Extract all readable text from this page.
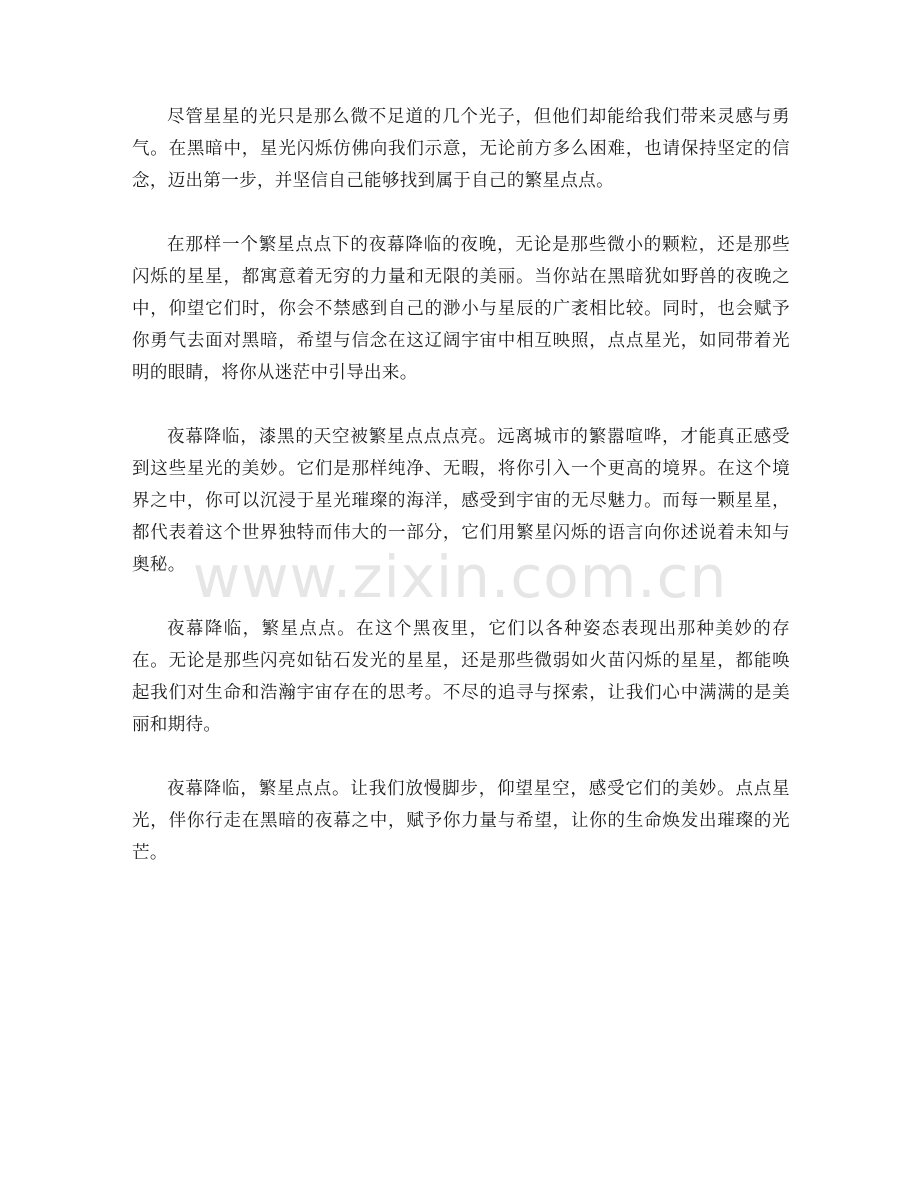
尽管星星的光只是那么微不足道的几个光子，但他们却能给我们带来灵感与勇气。在黑暗中，星光闪烁仿佛向我们示意，无论前方多么困难，也请保持坚定的信念，迈出第一步，并坚信自己能够找到属于自己的繁星点点。

在那样一个繁星点点下的夜幕降临的夜晚，无论是那些微小的颗粒，还是那些闪烁的星星，都寓意着无穷的力量和无限的美丽。当你站在黑暗犹如野兽的夜晚之中，仰望它们时，你会不禁感到自己的渺小与星辰的广袤相比较。同时，也会赋予你勇气去面对黑暗，希望与信念在这辽阔宇宙中相互映照，点点星光，如同带着光明的眼睛，将你从迷茫中引导出来。

夜幕降临，漆黑的天空被繁星点点点亮。远离城市的繁嚣喧哗，才能真正感受到这些星光的美妙。它们是那样纯净、无暇，将你引入一个更高的境界。在这个境界之中，你可以沉浸于星光璀璨的海洋，感受到宇宙的无尽魅力。而每一颗星星，都代表着这个世界独特而伟大的一部分，它们用繁星闪烁的语言向你述说着未知与奥秘。

夜幕降临，繁星点点。在这个黑夜里，它们以各种姿态表现出那种美妙的存在。无论是那些闪亮如钻石发光的星星，还是那些微弱如火苗闪烁的星星，都能唤起我们对生命和浩瀚宇宙存在的思考。不尽的追寻与探索，让我们心中满满的是美丽和期待。

夜幕降临，繁星点点。让我们放慢脚步，仰望星空，感受它们的美妙。点点星光，伴你行走在黑暗的夜幕之中，赋予你力量与希望，让你的生命焕发出璀璨的光芒。

www.zixin.com.cn
